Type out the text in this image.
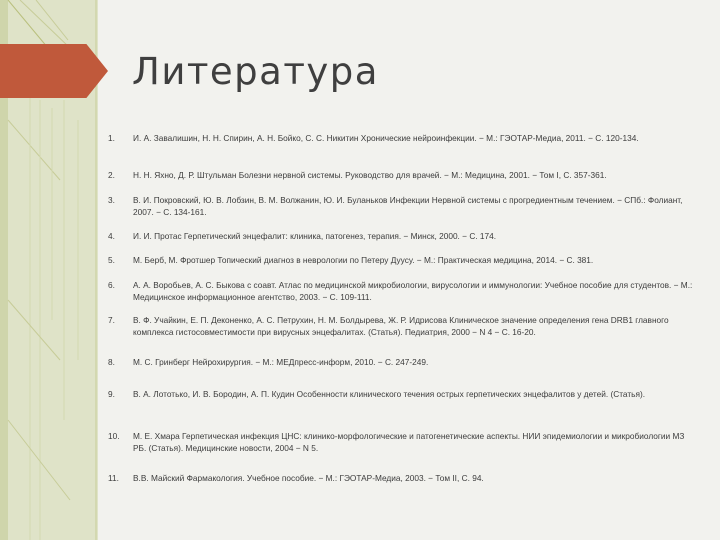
Литература
1.	И. А. Завалишин, Н. Н. Спирин, А. Н. Бойко, С. С. Никитин Хронические нейроинфекции. − М.: ГЭОТАР-Медиа, 2011. − С. 120-134.
2.	Н. Н. Яхно, Д. Р. Штульман Болезни нервной системы. Руководство для врачей. − М.: Медицина, 2001. − Том I, С. 357-361.
3.	В. И. Покровский, Ю. В. Лобзин, В. М. Волжанин, Ю. И. Буланьков Инфекции Нервной системы с прогредиентным течением. − СПб.: Фолиант, 2007. − С. 134-161.
4.	И. И. Протас Герпетический энцефалит: клиника, патогенез, терапия. − Минск, 2000. − С. 174.
5.	М. Берб, М. Фротшер Топический диагноз в неврологии по Петеру Дуусу. − М.: Практическая медицина, 2014. − С. 381.
6.	А. А. Воробьев, А. С. Быкова с соавт. Атлас по медицинской микробиологии, вирусологии и иммунологии: Учебное пособие для студентов. − М.: Медицинское информационное агентство, 2003. − С. 109-111.
7.	В. Ф. Учайкин, Е. П. Деконенко, А. С. Петрухин, Н. М. Болдырева, Ж. Р. Идрисова Клиническое значение определения гена DRB1 главного комплекса гистосовместимости при вирусных энцефалитах. (Статья). Педиатрия, 2000 − N 4 − С. 16-20.
8.	М. С. Гринберг Нейрохирургия. − М.: МЕДпресс-информ, 2010. − С. 247-249.
9.	В. А. Лототько, И. В. Бородин, А. П. Кудин Особенности клинического течения острых герпетических энцефалитов у детей. (Статья).
10.	М. Е. Хмара Герпетическая инфекция ЦНС: клинико-морфологические и патогенетические аспекты. НИИ эпидемиологии и микробиологии МЗ РБ. (Статья). Медицинские новости, 2004 − N 5.
11.	В.В. Майский Фармакология. Учебное пособие. − М.: ГЭОТАР-Медиа, 2003. − Том II, С. 94.
